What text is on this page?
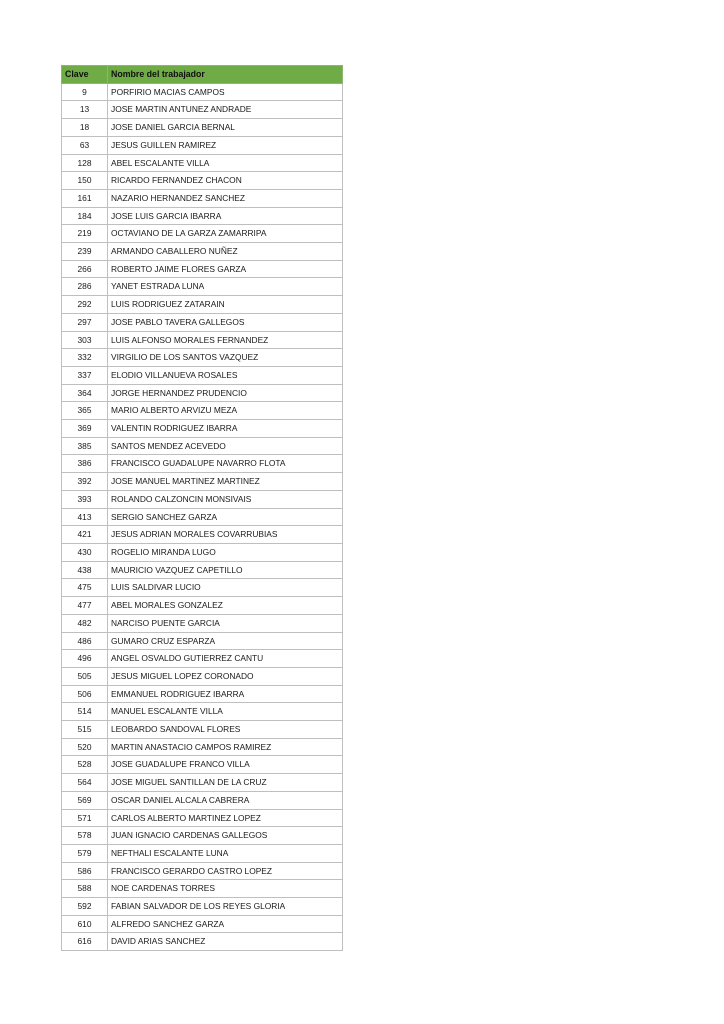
Clave	Nombre del trabajador
9	PORFIRIO MACIAS CAMPOS
13	JOSE MARTIN ANTUNEZ ANDRADE
18	JOSE DANIEL GARCIA BERNAL
63	JESUS GUILLEN RAMIREZ
128	ABEL ESCALANTE VILLA
150	RICARDO FERNANDEZ CHACON
161	NAZARIO HERNANDEZ SANCHEZ
184	JOSE LUIS GARCIA IBARRA
219	OCTAVIANO DE LA GARZA ZAMARRIPA
239	ARMANDO CABALLERO NUÑEZ
266	ROBERTO JAIME FLORES GARZA
286	YANET ESTRADA LUNA
292	LUIS RODRIGUEZ ZATARAIN
297	JOSE PABLO TAVERA GALLEGOS
303	LUIS ALFONSO MORALES FERNANDEZ
332	VIRGILIO DE LOS SANTOS VAZQUEZ
337	ELODIO VILLANUEVA ROSALES
364	JORGE HERNANDEZ PRUDENCIO
365	MARIO ALBERTO ARVIZU MEZA
369	VALENTIN RODRIGUEZ IBARRA
385	SANTOS MENDEZ ACEVEDO
386	FRANCISCO GUADALUPE NAVARRO FLOTA
392	JOSE MANUEL MARTINEZ MARTINEZ
393	ROLANDO CALZONCIN MONSIVAIS
413	SERGIO SANCHEZ GARZA
421	JESUS ADRIAN MORALES COVARRUBIAS
430	ROGELIO MIRANDA LUGO
438	MAURICIO VAZQUEZ CAPETILLO
475	LUIS SALDIVAR LUCIO
477	ABEL MORALES GONZALEZ
482	NARCISO PUENTE GARCIA
486	GUMARO CRUZ ESPARZA
496	ANGEL OSVALDO GUTIERREZ CANTU
505	JESUS MIGUEL LOPEZ CORONADO
506	EMMANUEL RODRIGUEZ IBARRA
514	MANUEL ESCALANTE VILLA
515	LEOBARDO SANDOVAL FLORES
520	MARTIN ANASTACIO CAMPOS RAMIREZ
528	JOSE GUADALUPE FRANCO VILLA
564	JOSE MIGUEL SANTILLAN DE LA CRUZ
569	OSCAR DANIEL ALCALA CABRERA
571	CARLOS ALBERTO MARTINEZ LOPEZ
578	JUAN IGNACIO CARDENAS GALLEGOS
579	NEFTHALI ESCALANTE LUNA
586	FRANCISCO GERARDO CASTRO LOPEZ
588	NOE CARDENAS TORRES
592	FABIAN SALVADOR DE LOS REYES GLORIA
610	ALFREDO SANCHEZ GARZA
616	DAVID ARIAS SANCHEZ
